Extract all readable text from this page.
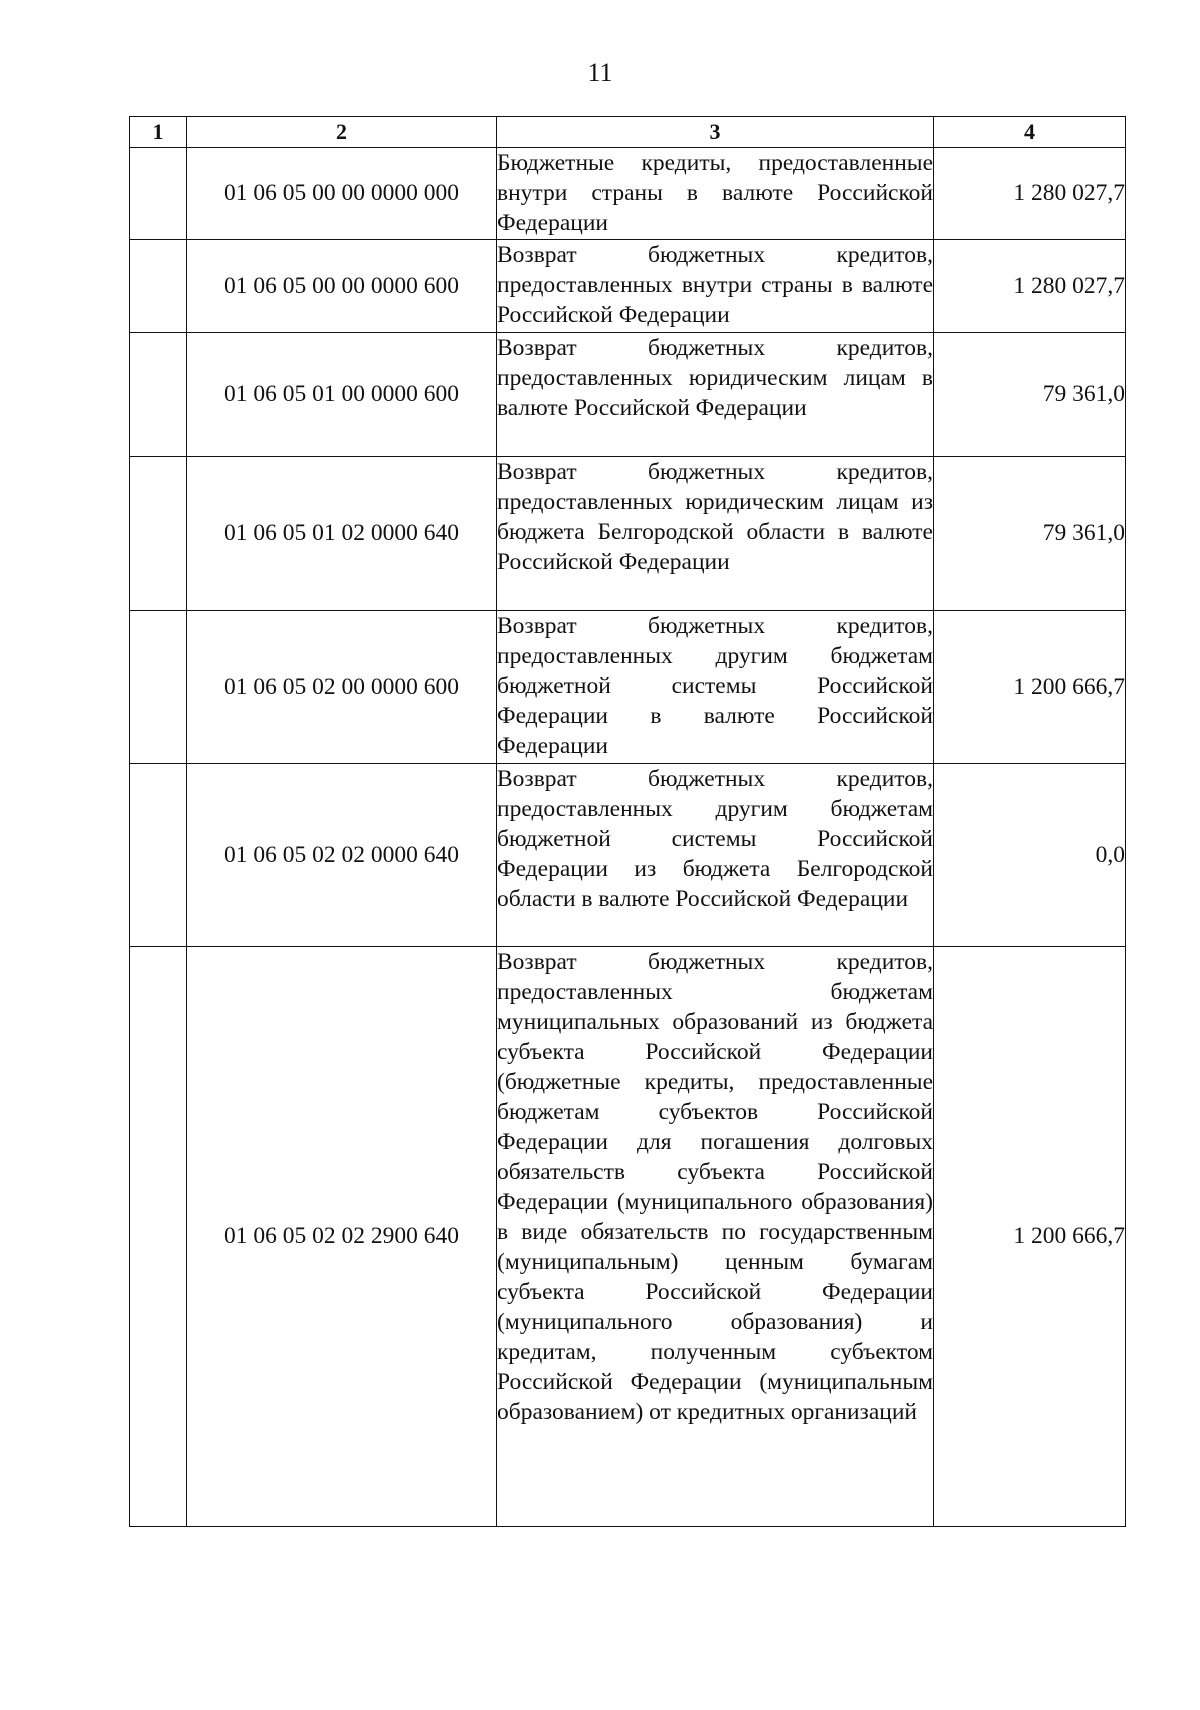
11
1	2	3	4
	01 06 05 00 00 0000 000	Бюджетные кредиты, предоставленные внутри страны в валюте Российской Федерации	1 280 027,7
	01 06 05 00 00 0000 600	Возврат бюджетных кредитов, предоставленных внутри страны в валюте Российской Федерации	1 280 027,7
	01 06 05 01 00 0000 600	Возврат бюджетных кредитов, предоставленных юридическим лицам в валюте Российской Федерации	79 361,0
	01 06 05 01 02 0000 640	Возврат бюджетных кредитов, предоставленных юридическим лицам из бюджета Белгородской области в валюте Российской Федерации	79 361,0
	01 06 05 02 00 0000 600	Возврат бюджетных кредитов, предоставленных другим бюджетам бюджетной системы Российской Федерации в валюте Российской Федерации	1 200 666,7
	01 06 05 02 02 0000 640	Возврат бюджетных кредитов, предоставленных другим бюджетам бюджетной системы Российской Федерации из бюджета Белгородской области в валюте Российской Федерации	0,0
	01 06 05 02 02 2900 640	Возврат бюджетных кредитов, предоставленных бюджетам муниципальных образований из бюджета субъекта Российской Федерации (бюджетные кредиты, предоставленные бюджетам субъектов Российской Федерации для погашения долговых обязательств субъекта Российской Федерации (муниципального образования) в виде обязательств по государственным (муниципальным) ценным бумагам субъекта Российской Федерации (муниципального образования) и кредитам, полученным субъектом Российской Федерации (муниципальным образованием) от кредитных организаций	1 200 666,7
